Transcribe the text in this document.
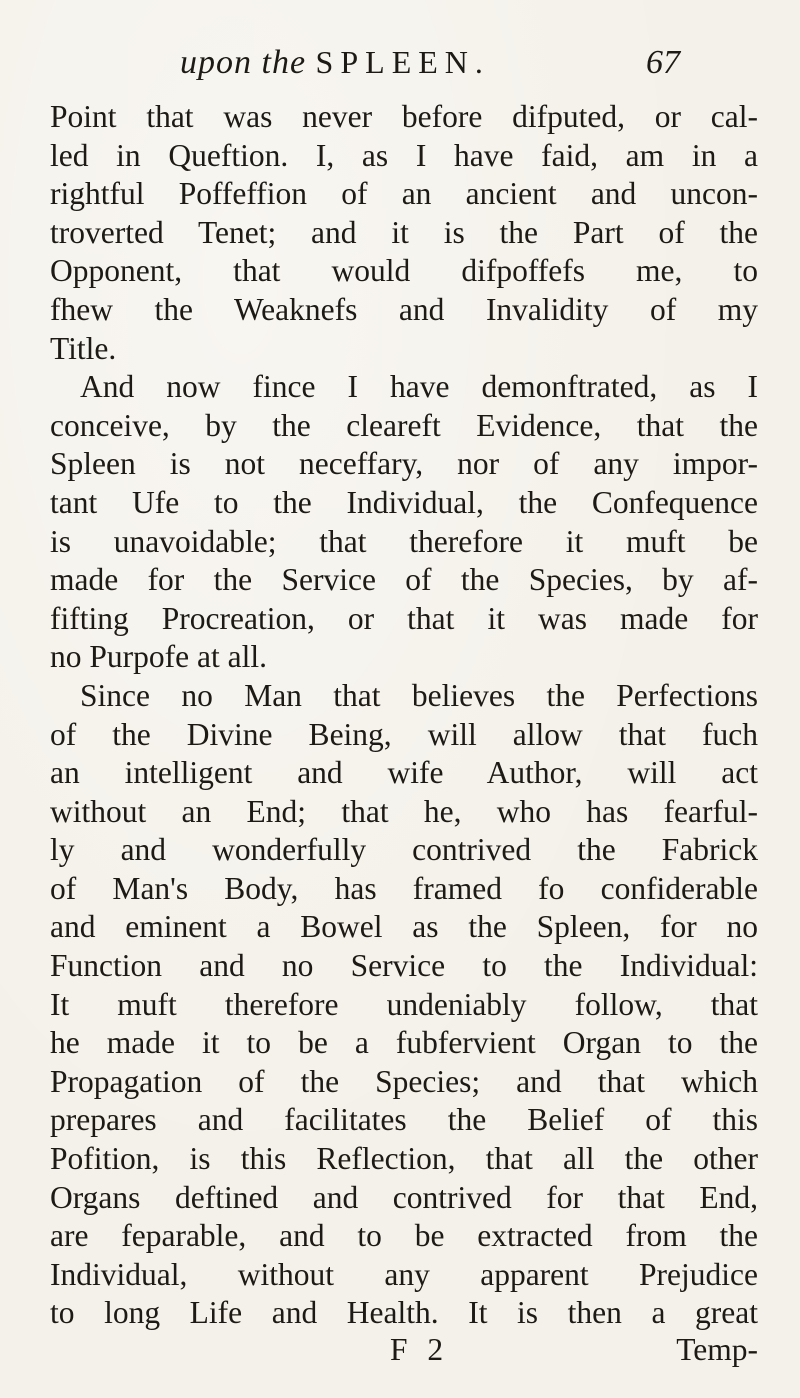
upon the SPLEEN.	67
Point that was never before difputed, or cal-
led in Queftion. I, as I have faid, am in a
rightful Poffeffion of an ancient and uncon-
troverted Tenet; and it is the Part of the
Opponent, that would difpoffefs me, to
fhew the Weaknefs and Invalidity of my
Title.
And now fince I have demonftrated, as I
conceive, by the cleareft Evidence, that the
Spleen is not neceffary, nor of any impor-
tant Ufe to the Individual, the Confequence
is unavoidable; that therefore it muft be
made for the Service of the Species, by af-
fifting Procreation, or that it was made for
no Purpofe at all.
Since no Man that believes the Perfections
of the Divine Being, will allow that fuch
an intelligent and wife Author, will act
without an End; that he, who has fearful-
ly and wonderfully contrived the Fabrick
of Man's Body, has framed fo confiderable
and eminent a Bowel as the Spleen, for no
Function and no Service to the Individual:
It muft therefore undeniably follow, that
he made it to be a fubfervient Organ to the
Propagation of the Species; and that which
prepares and facilitates the Belief of this
Pofition, is this Reflection, that all the other
Organs deftined and contrived for that End,
are feparable, and to be extracted from the
Individual, without any apparent Prejudice
to long Life and Health. It is then a great
F 2	Temp-
